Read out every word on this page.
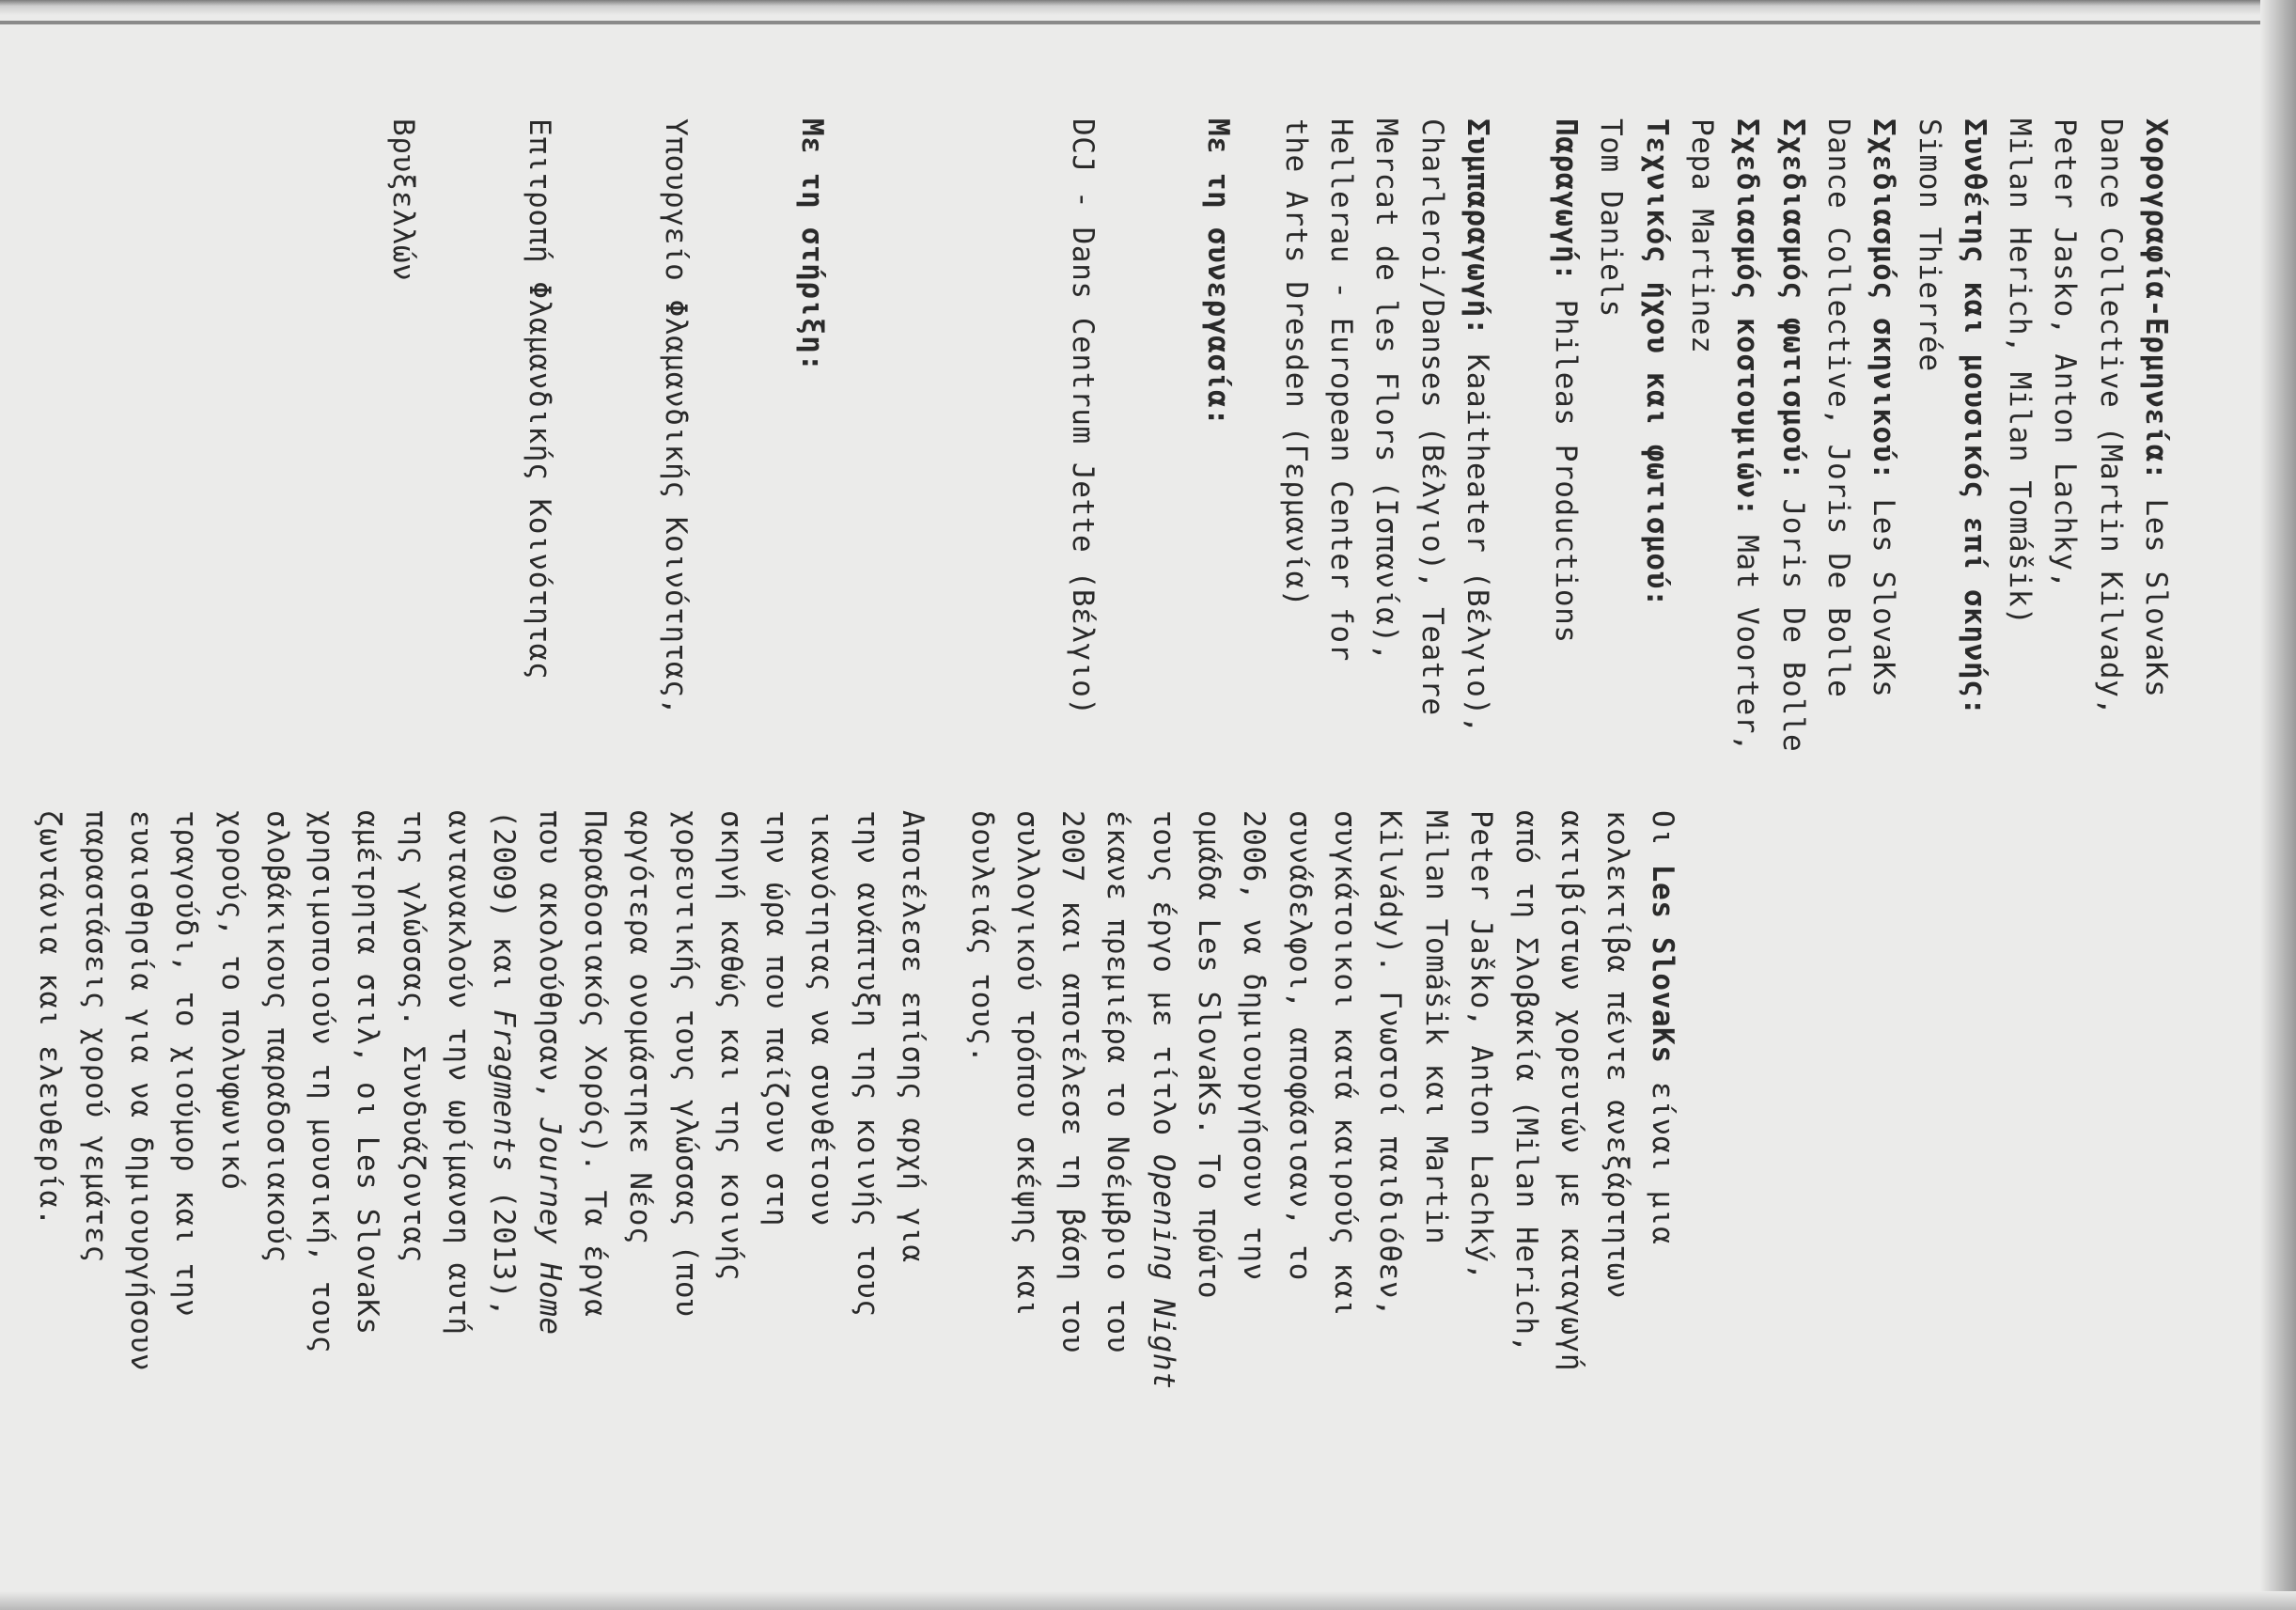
Χορογραφία-Ερμηνεία: Les SlovaKs
Dance Collective (Martin Kilvady,
Peter Jasko, Anton Lachky,
Milan Herich, Milan Tomášik)
Συνθέτης και μουσικός επί σκηνής:
Simon Thierrée
Σχεδιασμός σκηνικού: Les SlovaKs
Dance Collective, Joris De Bolle
Σχεδιασμός φωτισμού: Joris De Bolle
Σχεδιασμός κοστουμιών: Mat Voorter,
Pepa Martinez
Τεχνικός ήχου και φωτισμού:
Tom Daniels
Παραγωγή: Phileas Productions
Συμπαραγωγή: Kaaitheater (Βέλγιο),
Charleroi/Danses (Βέλγιο), Teatre
Mercat de les Flors (Ισπανία),
Hellerau - European Center for
the Arts Dresden (Γερμανία)

Με τη συνεργασία:

DCJ - Dans Centrum Jette (Βέλγιο)

Με τη στήριξη:

Υπουργείο Φλαμανδικής Κοινότητας,

Επιτροπή Φλαμανδικής Κοινότητας

Βρυξελλών

Οι Les SlovaKs είναι μια
κολεκτίβα πέντε ανεξάρτητων
ακτιβίστων χορευτών με καταγωγή
από τη Σλοβακία (Milan Herich,
Peter Jaško, Anton Lachký,
Milan Tomášik και Martin
Kilvády). Γνωστοί παιδιόθεν,
συγκάτοικοι κατά καιρούς και
συνάδελφοι, αποφάσισαν, το
2006, να δημιουργήσουν την
ομάδα Les SlovaKs. Το πρώτο
τους έργο με τίτλο Opening Night
έκανε πρεμιέρα το Νοέμβριο του
2007 και αποτέλεσε τη βάση του
συλλογικού τρόπου σκέψης και
δουλειάς τους.
Αποτέλεσε επίσης αρχή για
την ανάπτυξη της κοινής τους
ικανότητας να συνθέτουν
την ώρα που παίζουν στη
σκηνή καθώς και της κοινής
χορευτικής τους γλώσσας (που
αργότερα ονομάστηκε Νέος
Παραδοσιακός Χορός). Τα έργα
που ακολούθησαν, Journey Home
(2009) και Fragments (2013),
αντανακλούν την ωρίμανση αυτή
της γλώσσας. Συνδυάζοντας
αμέτρητα στιλ, οι Les SlovaKs
χρησιμοποιούν τη μουσική, τους
σλοβάκικους παραδοσιακούς
χορούς, το πολυφωνικό
τραγούδι, το χιούμορ και την
ευαισθησία για να δημιουργήσουν
παραστάσεις χορού γεμάτες
ζωντάνια και ελευθερία.
